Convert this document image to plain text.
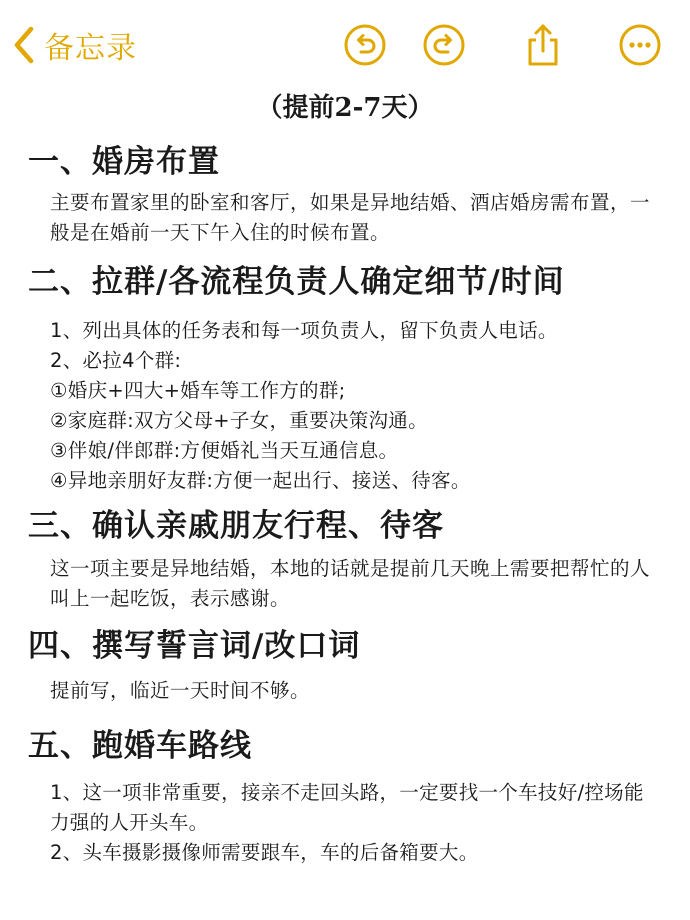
备忘录
（提前2-7天）
一、婚房布置

主要布置家里的卧室和客厅，如果是异地结婚、酒店婚房需布置，一般是在婚前一天下午入住的时候布置。

二、拉群/各流程负责人确定细节/时间
1、列出具体的任务表和每一项负责人，留下负责人电话。
2、必拉4个群:
①婚庆+四大+婚车等工作方的群;
②家庭群:双方父母+子女，重要决策沟通。
③伴娘/伴郎群:方便婚礼当天互通信息。
④异地亲朋好友群:方便一起出行、接送、待客。
三、确认亲戚朋友行程、待客

这一项主要是异地结婚，本地的话就是提前几天晚上需要把帮忙的人叫上一起吃饭，表示感谢。

四、撰写誓言词/改口词

提前写，临近一天时间不够。

五、跑婚车路线
1、这一项非常重要，接亲不走回头路，一定要找一个车技好/控场能力强的人开头车。
2、头车摄影摄像师需要跟车，车的后备箱要大。
